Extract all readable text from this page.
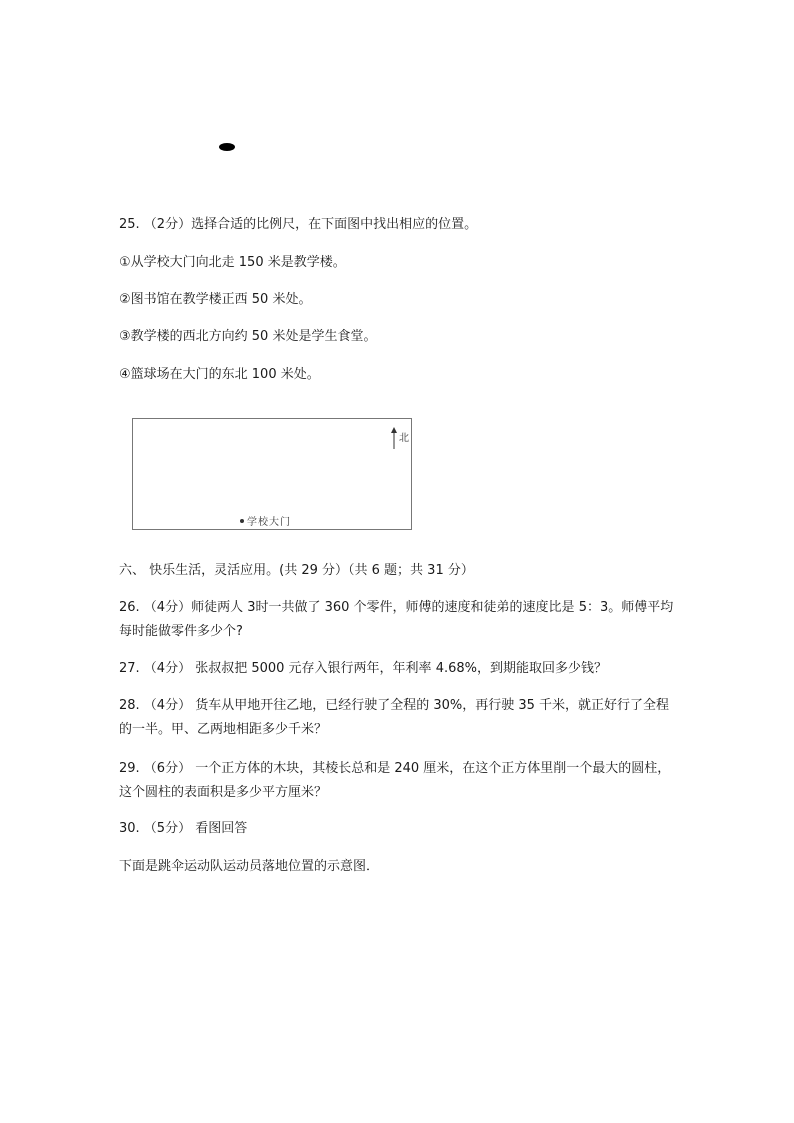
25. （2分）选择合适的比例尺，在下面图中找出相应的位置。
①从学校大门向北走 150 米是教学楼。
②图书馆在教学楼正西 50 米处。
③教学楼的西北方向约 50 米处是学生食堂。
④篮球场在大门的东北 100 米处。
北
学校大门
六、 快乐生活，灵活应用。(共 29 分）（共 6 题；共 31 分）
26. （4分）师徒两人 3时一共做了 360 个零件，师傅的速度和徒弟的速度比是 5：3。师傅平均每时能做零件多少个?
27. （4分） 张叔叔把 5000 元存入银行两年，年利率 4.68%，到期能取回多少钱？
28. （4分） 货车从甲地开往乙地，已经行驶了全程的 30%，再行驶 35 千米，就正好行了全程的一半。甲、乙两地相距多少千米？
29. （6分） 一个正方体的木块，其棱长总和是 240 厘米，在这个正方体里削一个最大的圆柱，这个圆柱的表面积是多少平方厘米？
30. （5分） 看图回答
下面是跳伞运动队运动员落地位置的示意图．
